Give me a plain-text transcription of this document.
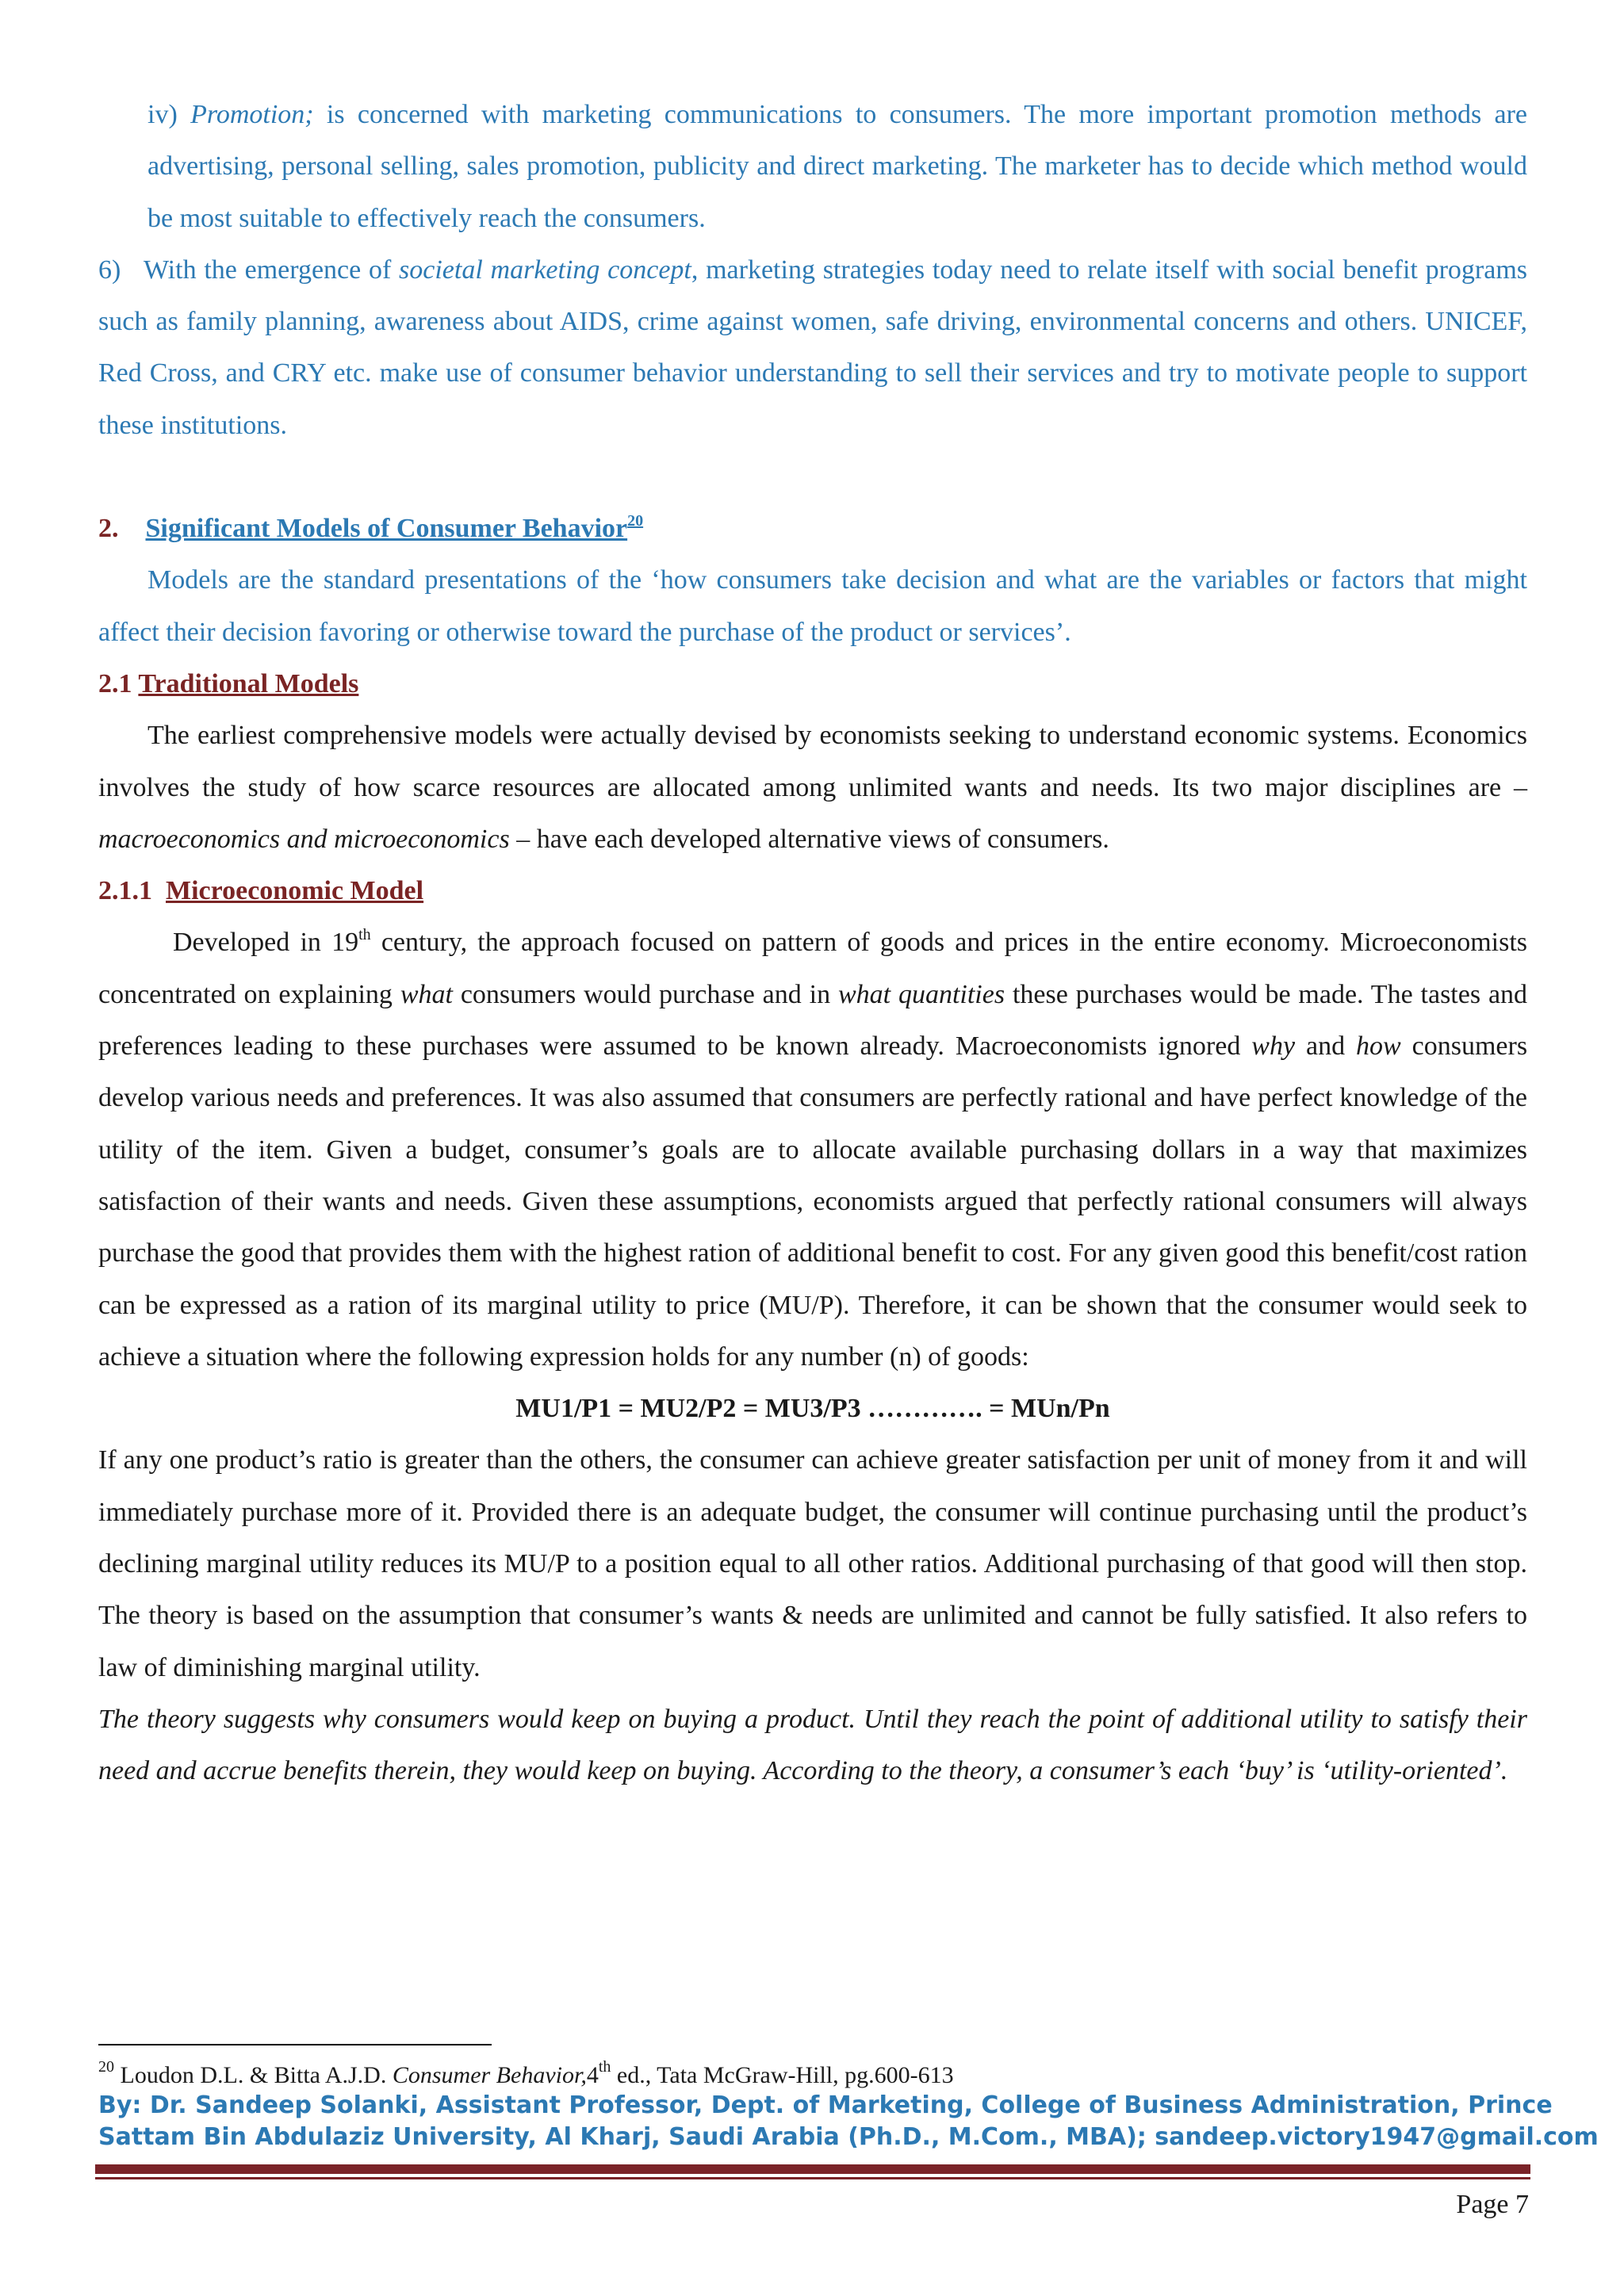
iv) Promotion; is concerned with marketing communications to consumers. The more important promotion methods are advertising, personal selling, sales promotion, publicity and direct marketing. The marketer has to decide which method would be most suitable to effectively reach the consumers.

6) With the emergence of societal marketing concept, marketing strategies today need to relate itself with social benefit programs such as family planning, awareness about AIDS, crime against women, safe driving, environmental concerns and others. UNICEF, Red Cross, and CRY etc. make use of consumer behavior understanding to sell their services and try to motivate people to support these institutions.

2. Significant Models of Consumer Behavior$^{20}$

Models are the standard presentations of the ‘how consumers take decision and what are the variables or factors that might affect their decision favoring or otherwise toward the purchase of the product or services’.

2.1 Traditional Models

The earliest comprehensive models were actually devised by economists seeking to understand economic systems. Economics involves the study of how scarce resources are allocated among unlimited wants and needs. Its two major disciplines are – macroeconomics and microeconomics – have each developed alternative views of consumers.

2.1.1 Microeconomic Model

Developed in 19th century, the approach focused on pattern of goods and prices in the entire economy. Microeconomists concentrated on explaining what consumers would purchase and in what quantities these purchases would be made. The tastes and preferences leading to these purchases were assumed to be known already. Macroeconomists ignored why and how consumers develop various needs and preferences. It was also assumed that consumers are perfectly rational and have perfect knowledge of the utility of the item. Given a budget, consumer’s goals are to allocate available purchasing dollars in a way that maximizes satisfaction of their wants and needs. Given these assumptions, economists argued that perfectly rational consumers will always purchase the good that provides them with the highest ration of additional benefit to cost. For any given good this benefit/cost ration can be expressed as a ration of its marginal utility to price (MU/P). Therefore, it can be shown that the consumer would seek to achieve a situation where the following expression holds for any number (n) of goods:

MU1/P1 = MU2/P2 = MU3/P3 …………. = MUn/Pn

If any one product’s ratio is greater than the others, the consumer can achieve greater satisfaction per unit of money from it and will immediately purchase more of it. Provided there is an adequate budget, the consumer will continue purchasing until the product’s declining marginal utility reduces its MU/P to a position equal to all other ratios. Additional purchasing of that good will then stop. The theory is based on the assumption that consumer’s wants & needs are unlimited and cannot be fully satisfied. It also refers to law of diminishing marginal utility.

The theory suggests why consumers would keep on buying a product. Until they reach the point of additional utility to satisfy their need and accrue benefits therein, they would keep on buying. According to the theory, a consumer’s each ‘buy’ is ‘utility-oriented’.

$^{20}$ Loudon D.L. & Bitta A.J.D. Consumer Behavior,4th ed., Tata McGraw-Hill, pg.600-613
By: Dr. Sandeep Solanki, Assistant Professor, Dept. of Marketing, College of Business Administration, Prince
Sattam Bin Abdulaziz University, Al Kharj, Saudi Arabia (Ph.D., M.Com., MBA); sandeep.victory1947@gmail.com
Page 7
